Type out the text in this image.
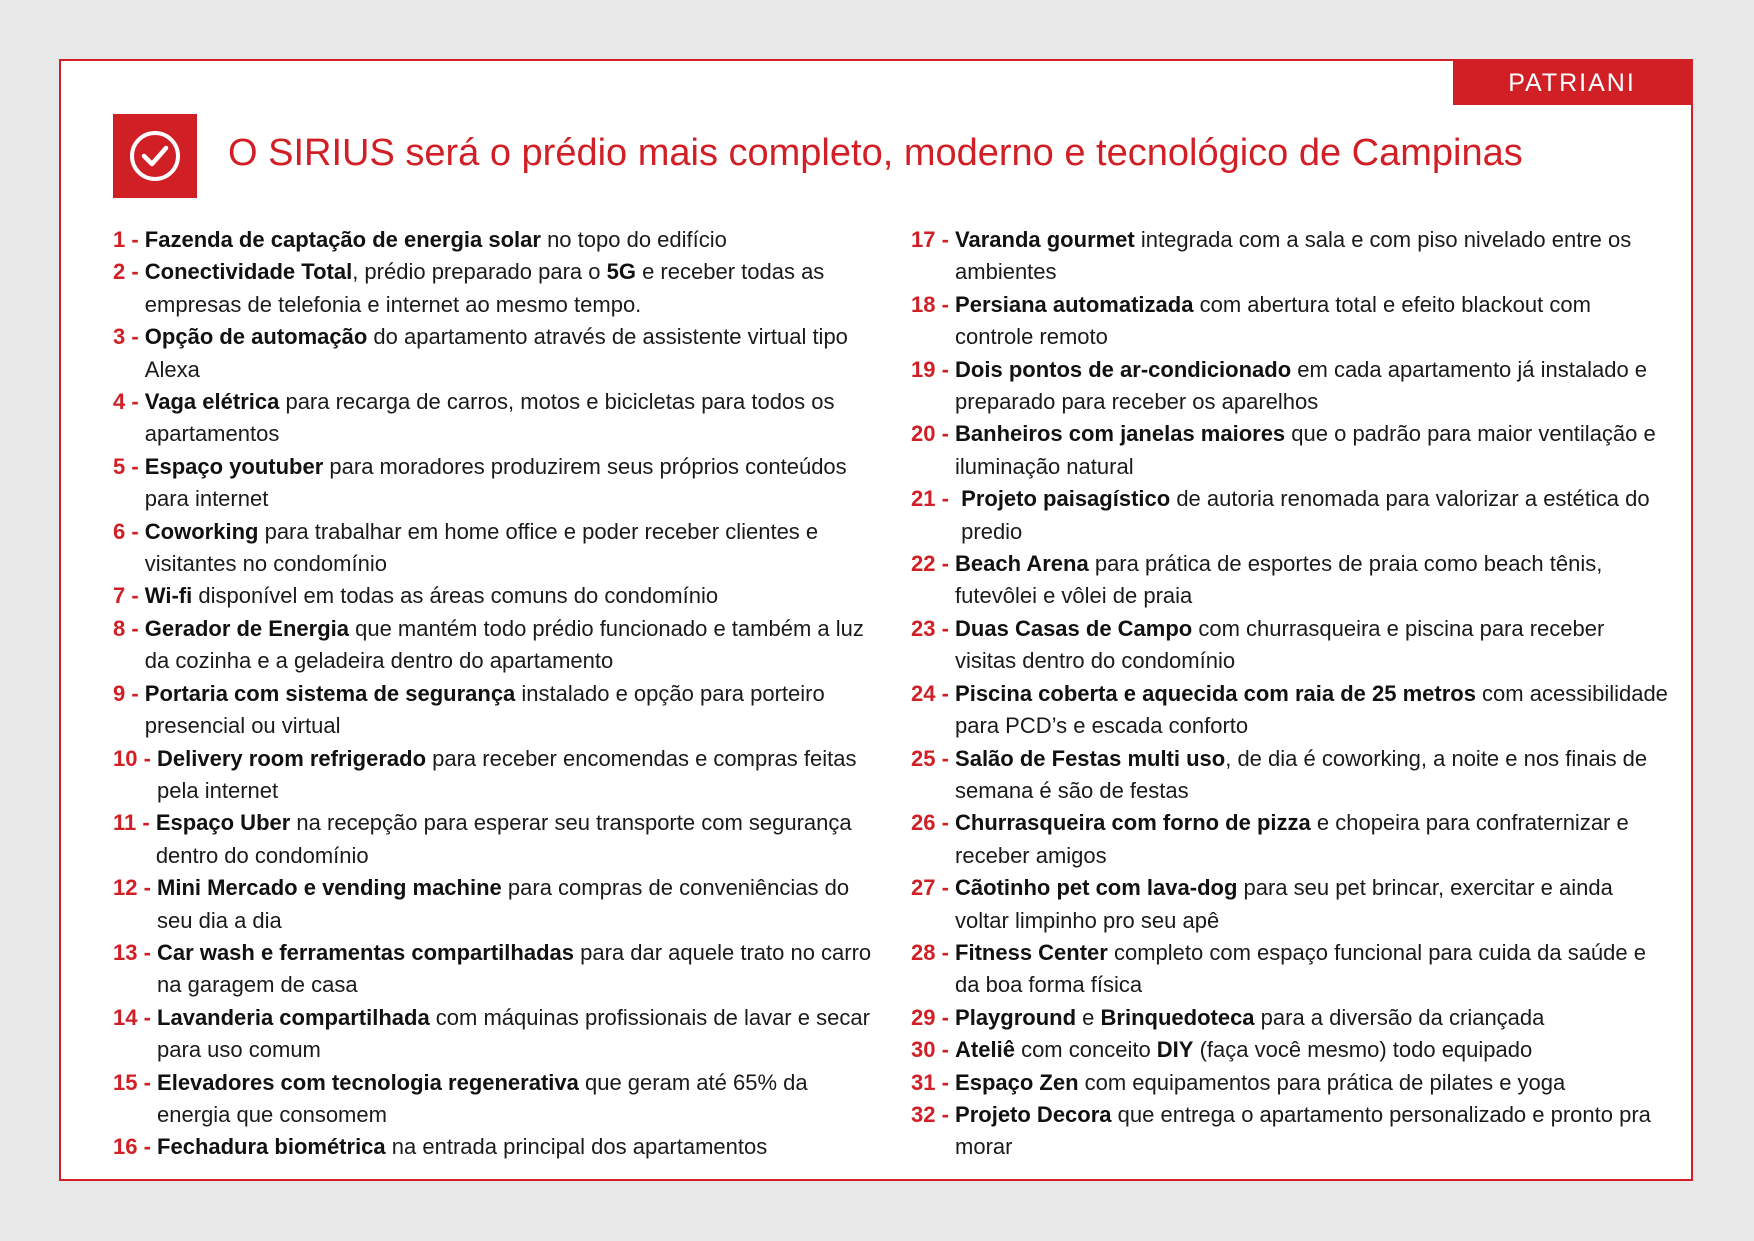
PATRIANI
O SIRIUS será o prédio mais completo, moderno e tecnológico de Campinas
1 - Fazenda de captação de energia solar no topo do edifício
2 - Conectividade Total, prédio preparado para o 5G e receber todas as empresas de telefonia e internet ao mesmo tempo.
3 - Opção de automação do apartamento através de assistente virtual tipo Alexa
4 - Vaga elétrica para recarga de carros, motos e bicicletas para todos os apartamentos
5 - Espaço youtuber para moradores produzirem seus próprios conteúdos para internet
6 - Coworking para trabalhar em home office e poder receber clientes e visitantes no condomínio
7 - Wi-fi disponível em todas as áreas comuns do condomínio
8 - Gerador de Energia que mantém todo prédio funcionado e também a luz da cozinha e a geladeira dentro do apartamento
9 - Portaria com sistema de segurança instalado e opção para porteiro presencial ou virtual
10 - Delivery room refrigerado para receber encomendas e compras feitas pela internet
11 - Espaço Uber na recepção para esperar seu transporte com segurança dentro do condomínio
12 - Mini Mercado e vending machine para compras de conveniências do seu dia a dia
13 - Car wash e ferramentas compartilhadas para dar aquele trato no carro na garagem de casa
14 - Lavanderia compartilhada com máquinas profissionais de lavar e secar para uso comum
15 - Elevadores com tecnologia regenerativa que geram até 65% da energia que consomem
16 - Fechadura biométrica na entrada principal dos apartamentos
17 - Varanda gourmet integrada com a sala e com piso nivelado entre os ambientes
18 - Persiana automatizada com abertura total e efeito blackout com controle remoto
19 - Dois pontos de ar-condicionado em cada apartamento já instalado e preparado para receber os aparelhos
20 - Banheiros com janelas maiores que o padrão para maior ventilação e iluminação natural
21 - Projeto paisagístico de autoria renomada para valorizar a estética do predio
22 - Beach Arena para prática de esportes de praia como beach tênis, futevôlei e vôlei de praia
23 - Duas Casas de Campo com churrasqueira e piscina para receber visitas dentro do condomínio
24 - Piscina coberta e aquecida com raia de 25 metros com acessibilidade para PCD’s e escada conforto
25 - Salão de Festas multi uso, de dia é coworking, a noite e nos finais de semana é são de festas
26 - Churrasqueira com forno de pizza e chopeira para confraternizar e receber amigos
27 - Cãotinho pet com lava-dog para seu pet brincar, exercitar e ainda voltar limpinho pro seu apê
28 - Fitness Center completo com espaço funcional para cuida da saúde e da boa forma física
29 - Playground e Brinquedoteca para a diversão da criançada
30 - Ateliê com conceito DIY (faça você mesmo) todo equipado
31 - Espaço Zen com equipamentos para prática de pilates e yoga
32 - Projeto Decora que entrega o apartamento personalizado e pronto pra morar
